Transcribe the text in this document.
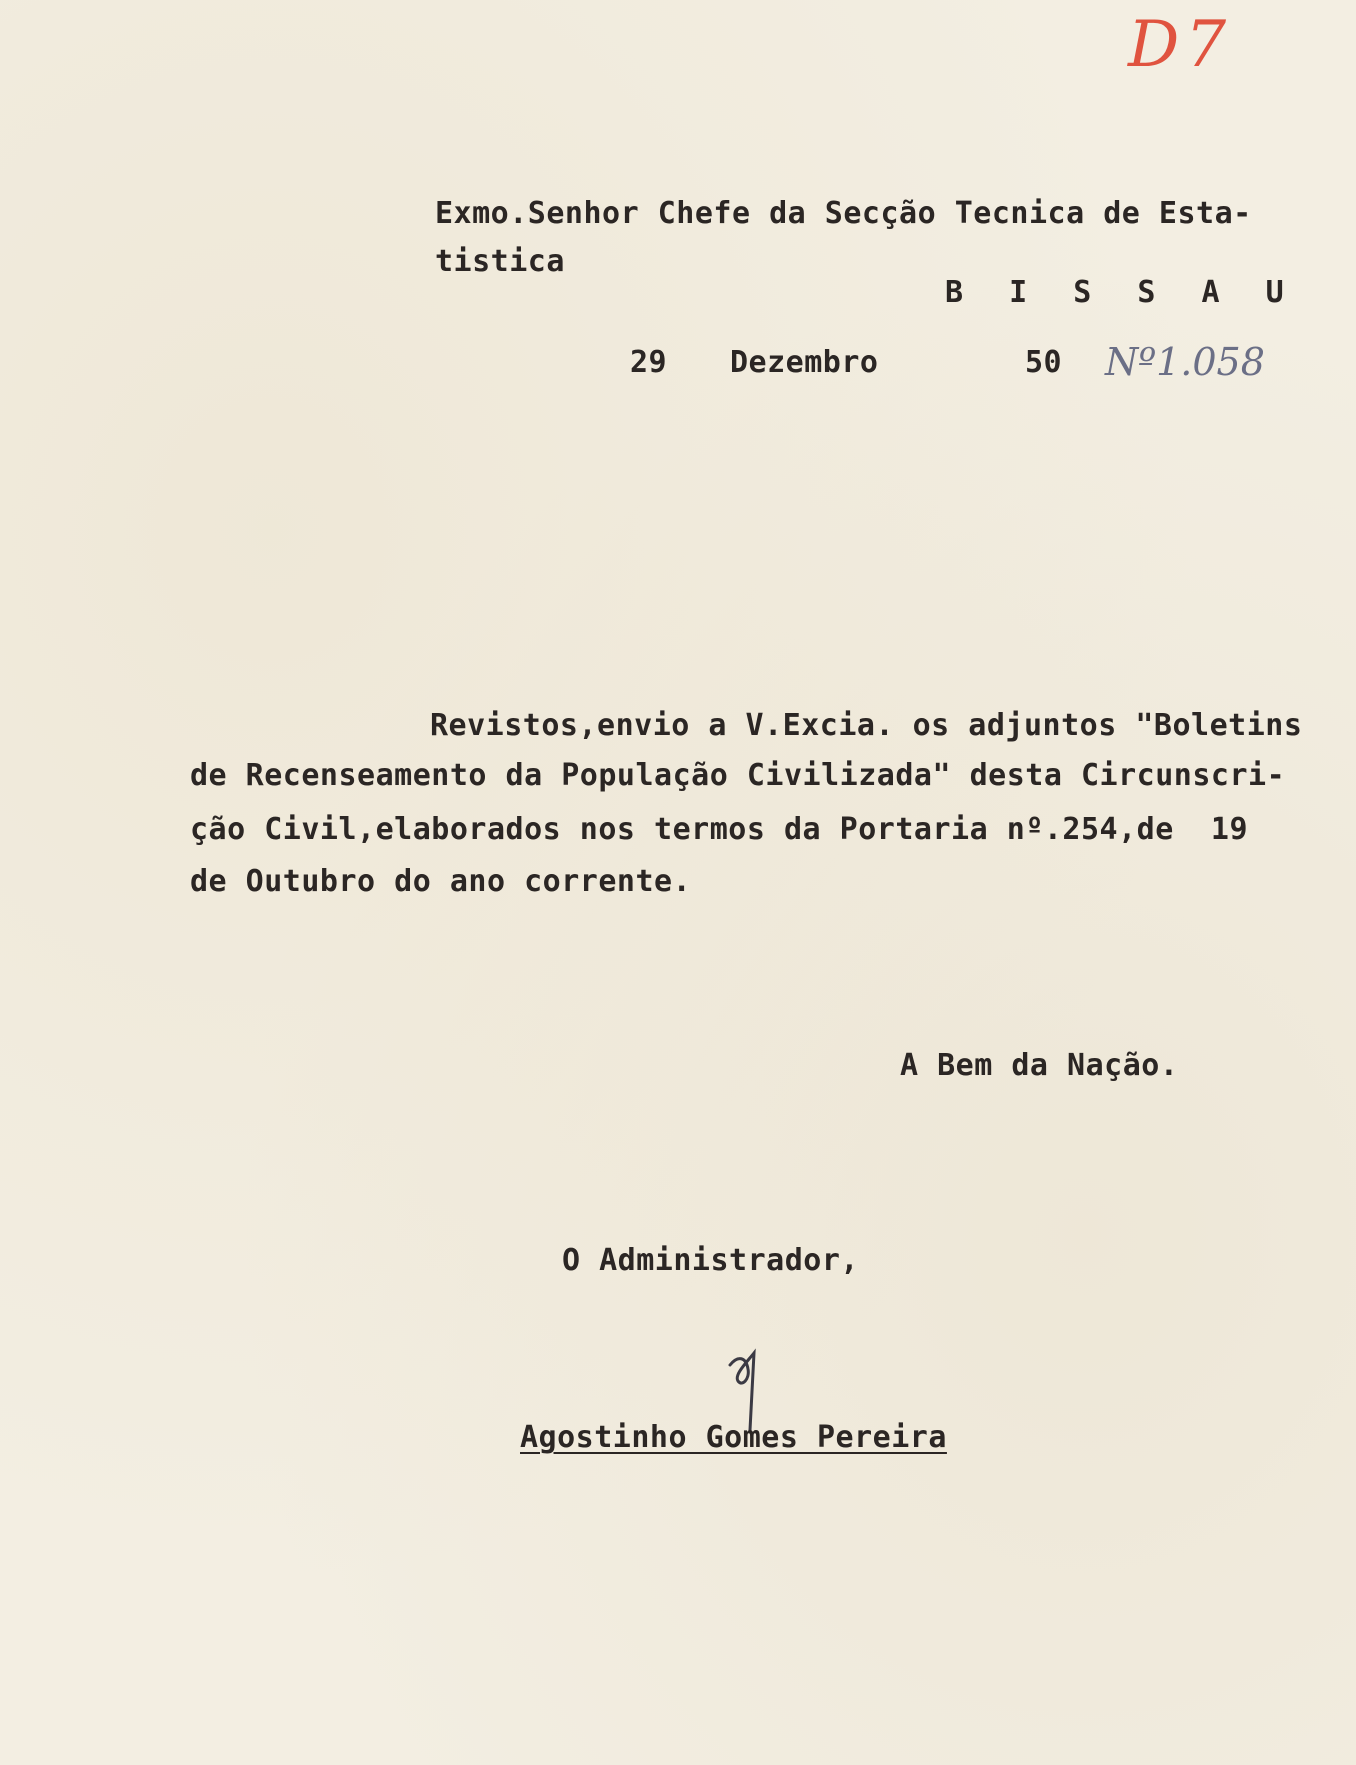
D7
Exmo.Senhor Chefe da Secção Tecnica de Esta-
tistica
B I S S A U
29 Dezembro	50 Nº1.058
Revistos,envio a V.Excia. os adjuntos "Boletins
de Recenseamento da População Civilizada" desta Circunscri-
ção Civil,elaborados nos termos da Portaria nº.254,de  19
de Outubro do ano corrente.
A Bem da Nação.
O Administrador,
Agostinho Gomes Pereira
